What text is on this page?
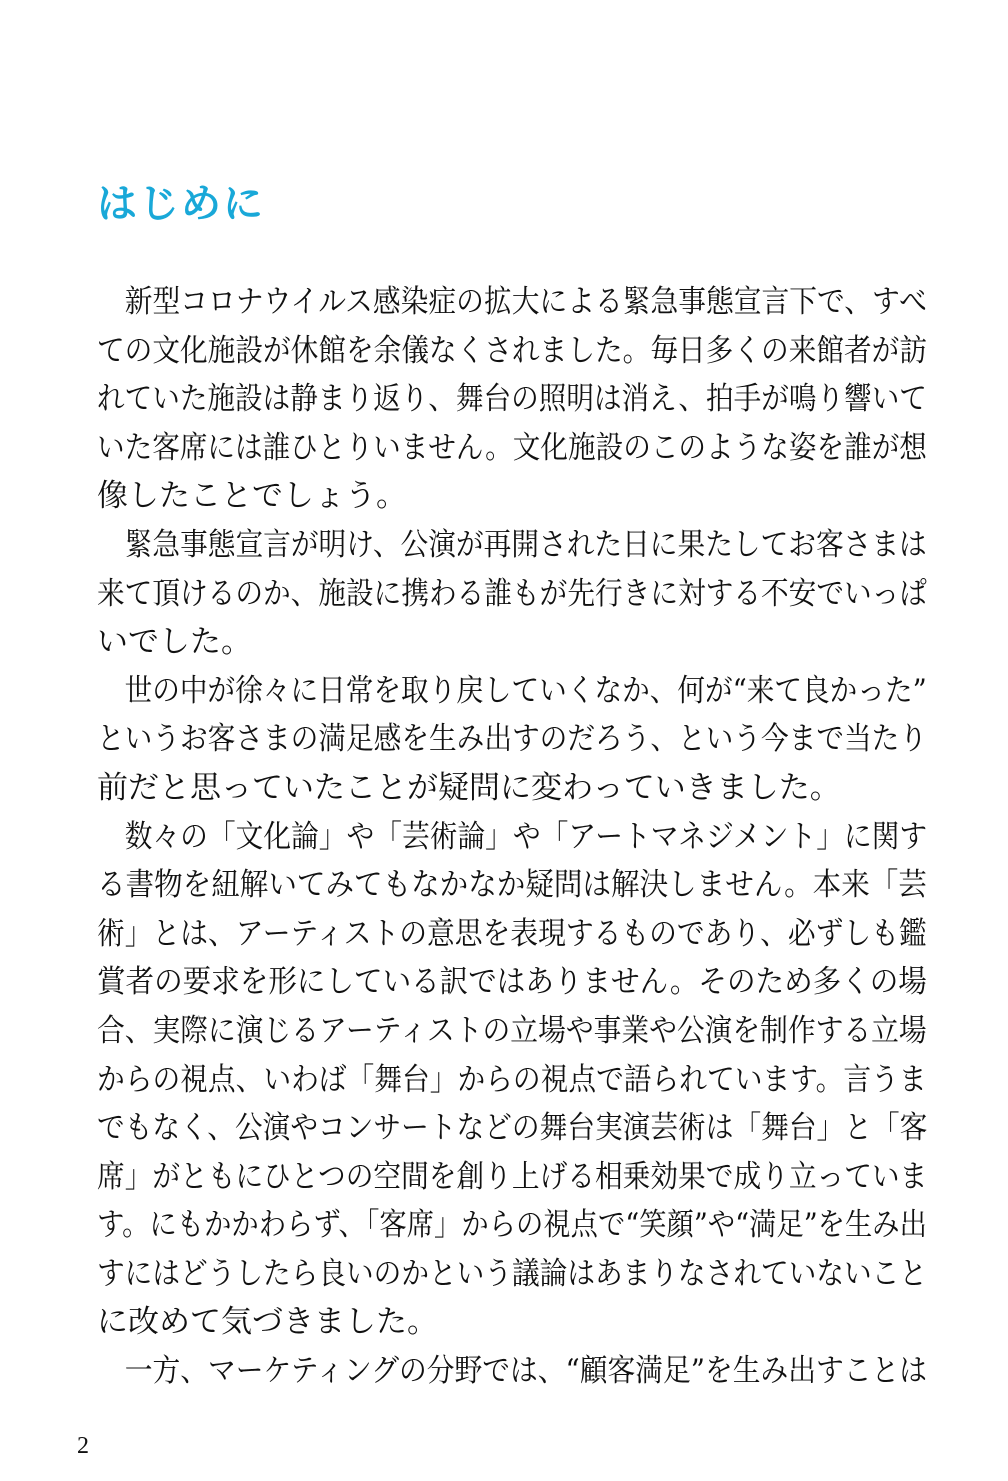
はじめに
　新型コロナウイルス感染症の拡大による緊急事態宣言下で、すべ
ての文化施設が休館を余儀なくされました。毎日多くの来館者が訪
れていた施設は静まり返り、舞台の照明は消え、拍手が鳴り響いて
いた客席には誰ひとりいません。文化施設のこのような姿を誰が想
像したことでしょう。
　緊急事態宣言が明け、公演が再開された日に果たしてお客さまは
来て頂けるのか、施設に携わる誰もが先行きに対する不安でいっぱ
いでした。
　世の中が徐々に日常を取り戻していくなか、何が“来て良かった”
というお客さまの満足感を生み出すのだろう、という今まで当たり
前だと思っていたことが疑問に変わっていきました。
　数々の「文化論」や「芸術論」や「アートマネジメント」に関す
る書物を紐解いてみてもなかなか疑問は解決しません。本来「芸
術」とは、アーティストの意思を表現するものであり、必ずしも鑑
賞者の要求を形にしている訳ではありません。そのため多くの場
合、実際に演じるアーティストの立場や事業や公演を制作する立場
からの視点、いわば「舞台」からの視点で語られています。言うま
でもなく、公演やコンサートなどの舞台実演芸術は「舞台」と「客
席」がともにひとつの空間を創り上げる相乗効果で成り立っていま
す。にもかかわらず、「客席」からの視点で“笑顔”や“満足”を生み出
すにはどうしたら良いのかという議論はあまりなされていないこと
に改めて気づきました。
　一方、マーケティングの分野では、“顧客満足”を生み出すことは
2
